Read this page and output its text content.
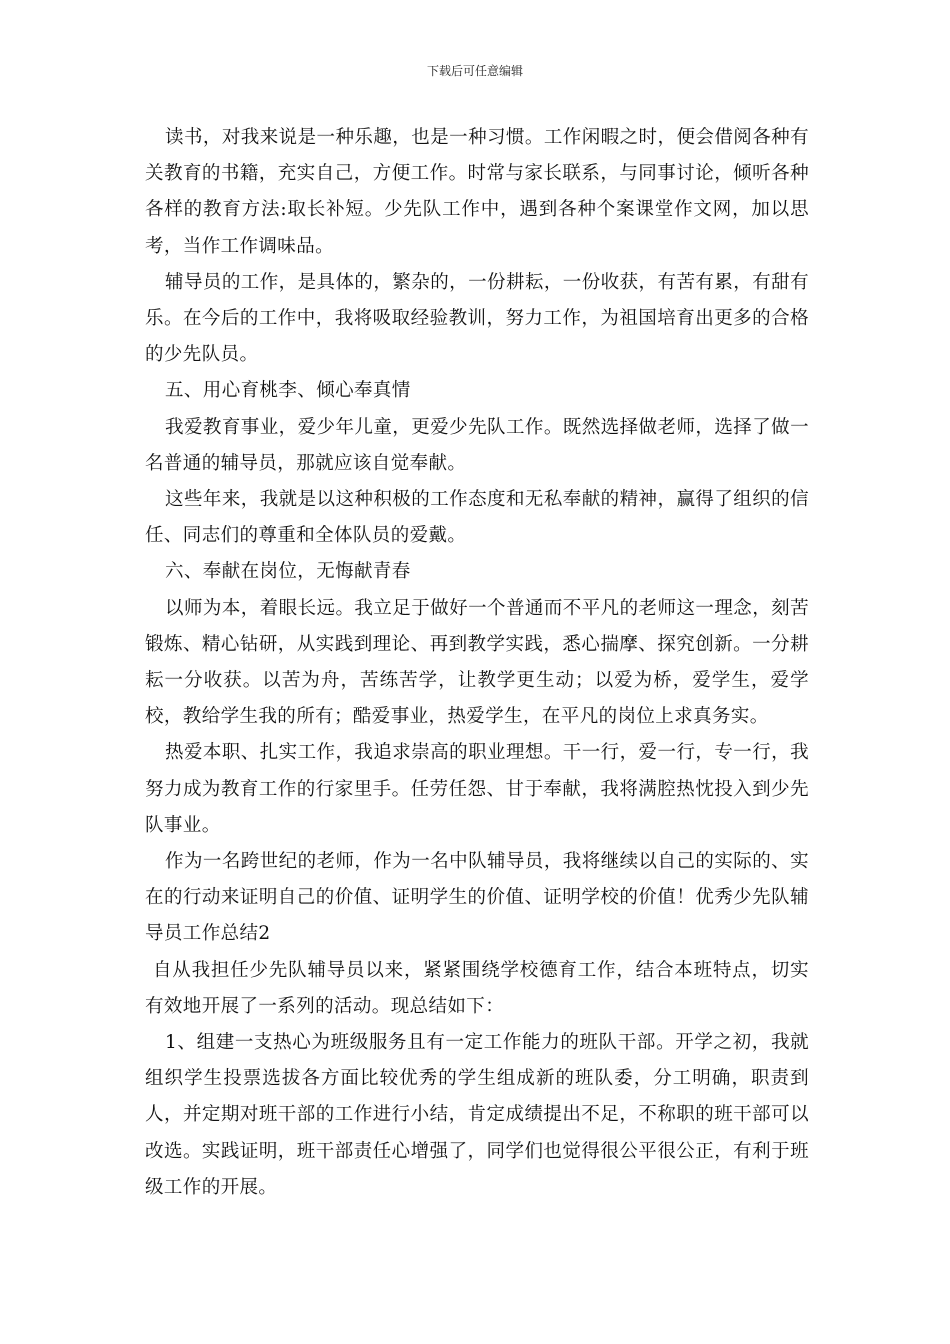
下载后可任意编辑

读书，对我来说是一种乐趣，也是一种习惯。工作闲暇之时，便会借阅各种有关教育的书籍，充实自己，方便工作。时常与家长联系，与同事讨论，倾听各种各样的教育方法:取长补短。少先队工作中，遇到各种个案课堂作文网，加以思考，当作工作调味品。

辅导员的工作，是具体的，繁杂的，一份耕耘，一份收获，有苦有累，有甜有乐。在今后的工作中，我将吸取经验教训，努力工作，为祖国培育出更多的合格的少先队员。

五、用心育桃李、倾心奉真情

我爱教育事业，爱少年儿童，更爱少先队工作。既然选择做老师，选择了做一名普通的辅导员，那就应该自觉奉献。

这些年来，我就是以这种积极的工作态度和无私奉献的精神，赢得了组织的信任、同志们的尊重和全体队员的爱戴。

六、奉献在岗位，无悔献青春

以师为本，着眼长远。我立足于做好一个普通而不平凡的老师这一理念，刻苦锻炼、精心钻研，从实践到理论、再到教学实践，悉心揣摩、探究创新。一分耕耘一分收获。以苦为舟，苦练苦学，让教学更生动；以爱为桥，爱学生，爱学校，教给学生我的所有；酷爱事业，热爱学生，在平凡的岗位上求真务实。

热爱本职、扎实工作，我追求崇高的职业理想。干一行，爱一行，专一行，我努力成为教育工作的行家里手。任劳任怨、甘于奉献，我将满腔热忱投入到少先队事业。

作为一名跨世纪的老师，作为一名中队辅导员，我将继续以自己的实际的、实在的行动来证明自己的价值、证明学生的价值、证明学校的价值！优秀少先队辅导员工作总结2

自从我担任少先队辅导员以来，紧紧围绕学校德育工作，结合本班特点，切实有效地开展了一系列的活动。现总结如下：

1、组建一支热心为班级服务且有一定工作能力的班队干部。开学之初，我就组织学生投票选拔各方面比较优秀的学生组成新的班队委，分工明确，职责到人，并定期对班干部的工作进行小结，肯定成绩提出不足，不称职的班干部可以改选。实践证明，班干部责任心增强了，同学们也觉得很公平很公正，有利于班级工作的开展。
